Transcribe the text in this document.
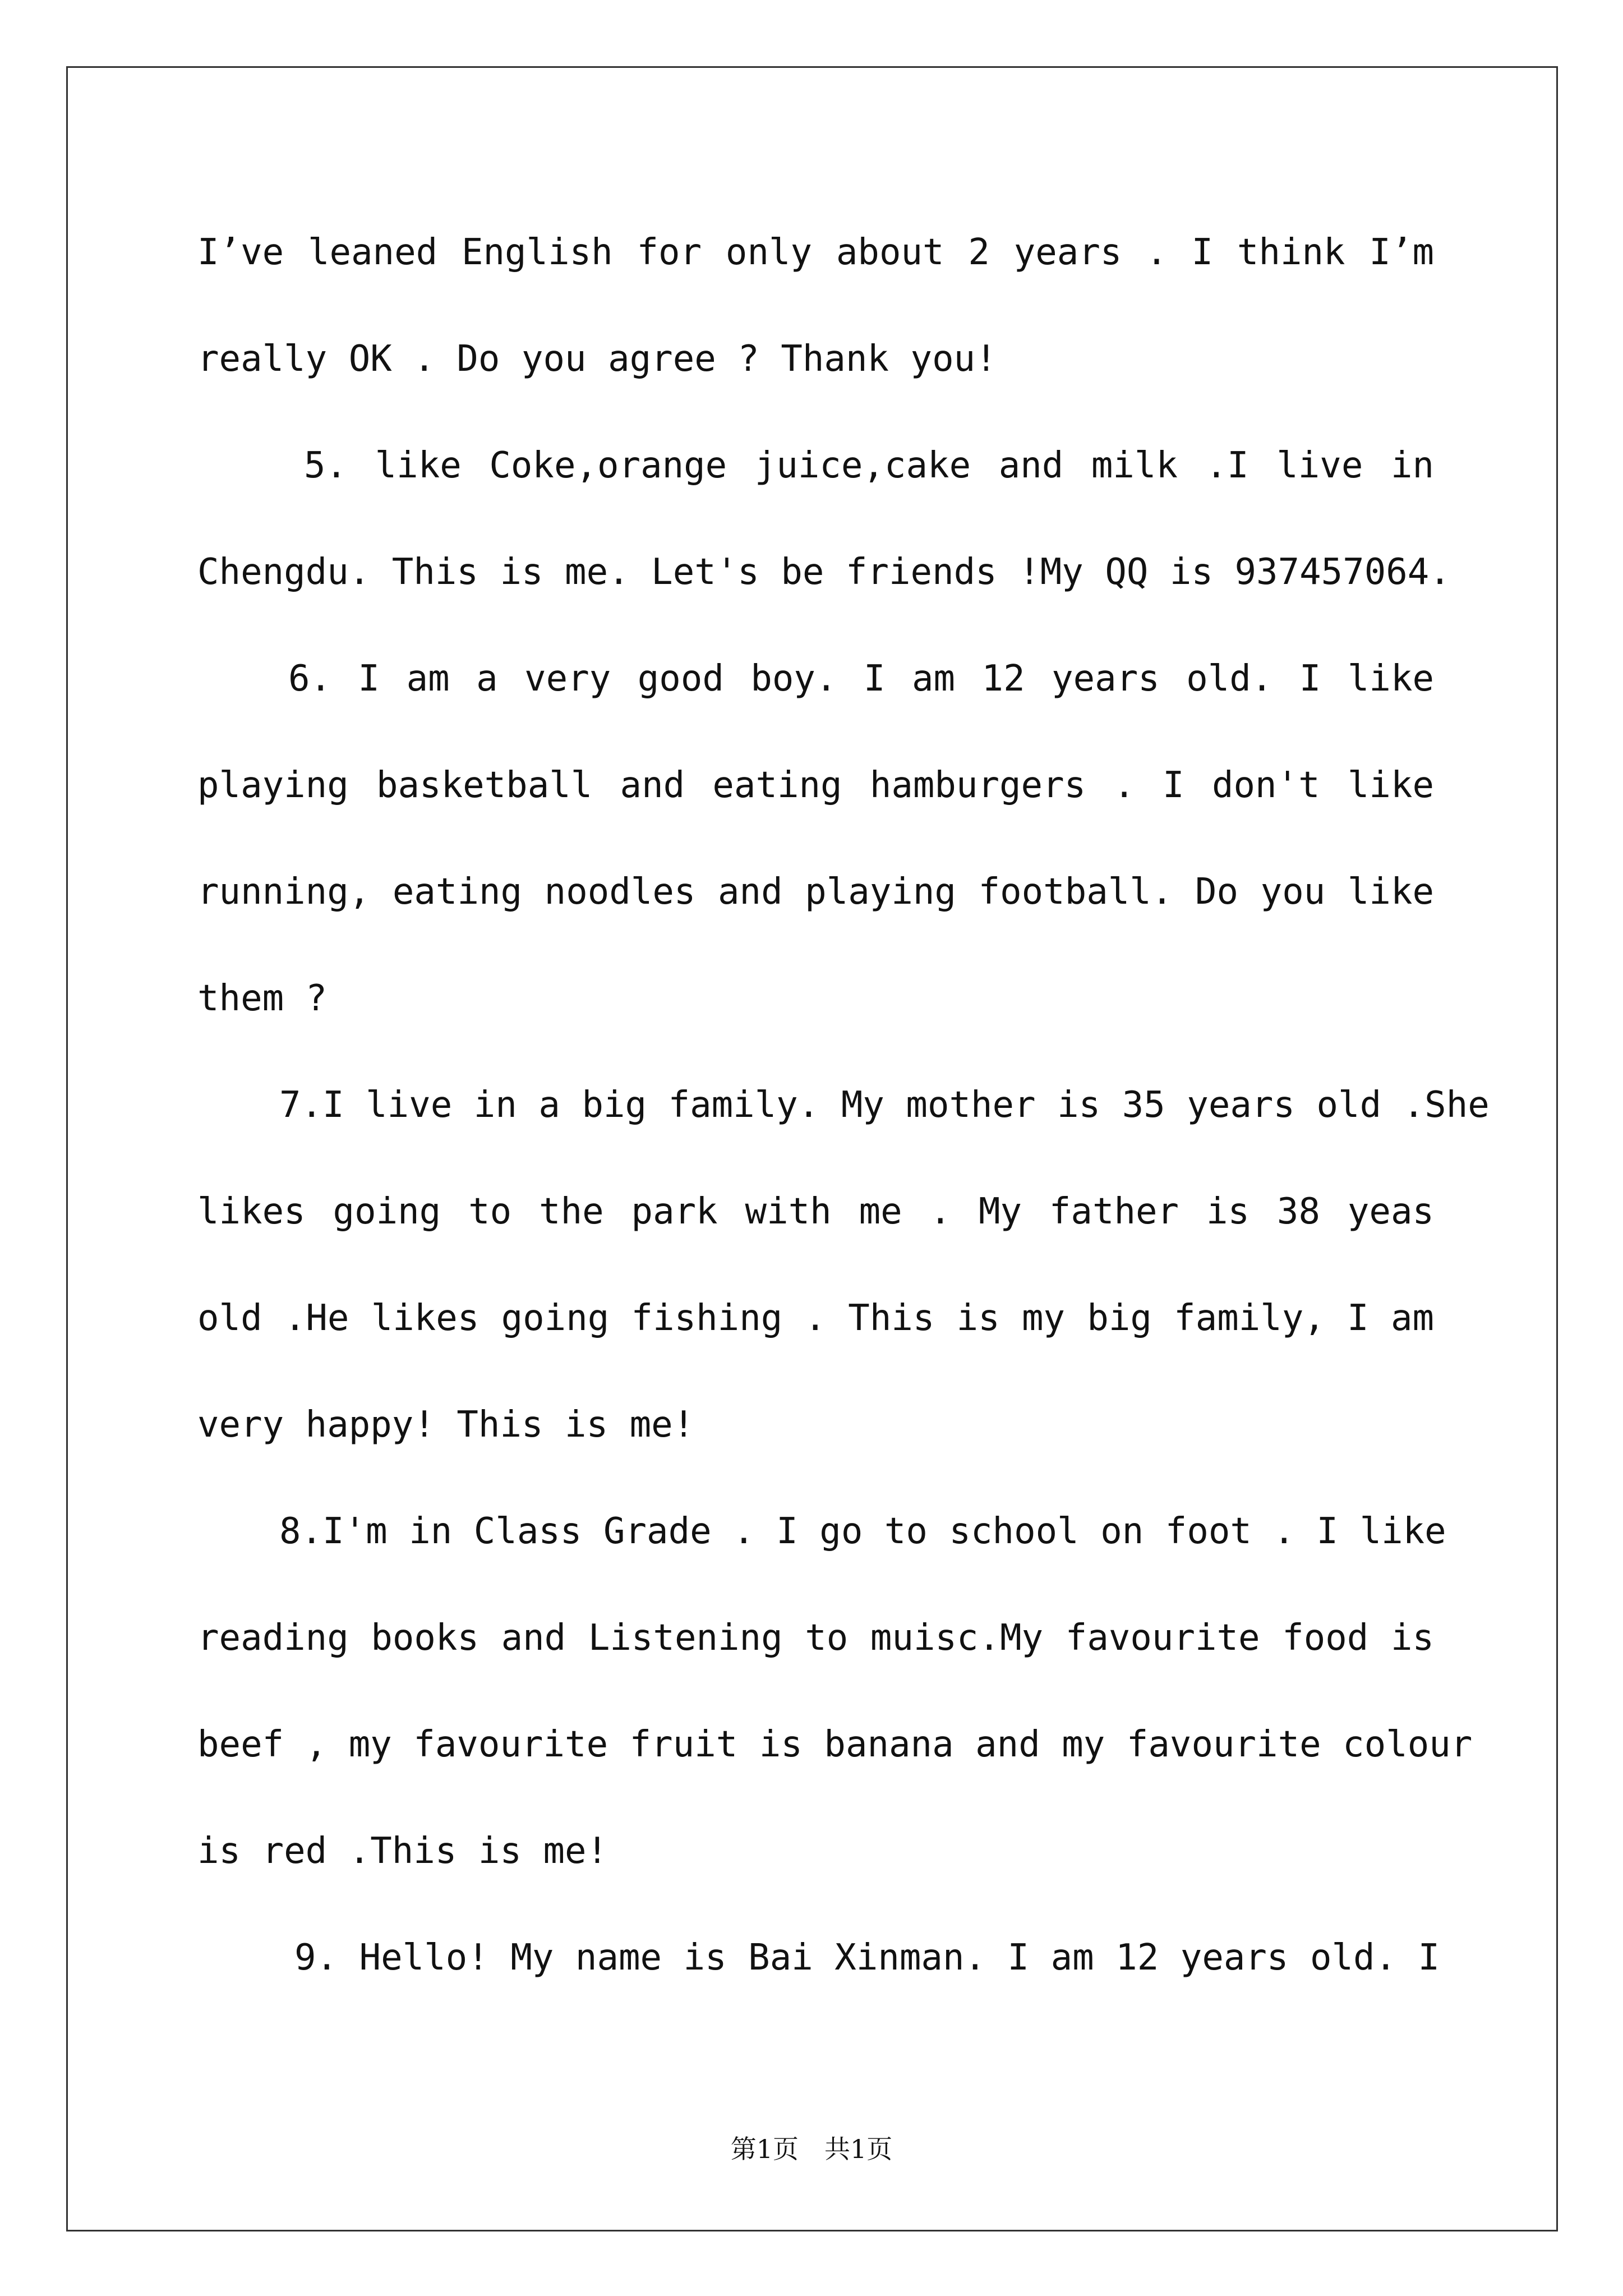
I’ve leaned English for only about 2 years . I think I’m
really OK . Do you agree ? Thank you!
5. like Coke,orange juice,cake and milk .I live in
Chengdu. This is me. Let's be friends !My QQ is 937457064.
6. I am a very good boy. I am 12 years old. I like
playing basketball and eating hamburgers . I don't like
running, eating noodles and playing football. Do you like
them ?
7.I live in a big family. My mother is 35 years old .She
likes going to the park with me . My father is 38 yeas
old .He likes going fishing . This is my big family, I am
very happy! This is me!
8.I'm in Class Grade . I go to school on foot . I like
reading books and Listening to muisc.My favourite food is
beef , my favourite fruit is banana and my favourite colour
is red .This is me!
9. Hello! My name is Bai Xinman. I am 12 years old. I
第1页　共1页
